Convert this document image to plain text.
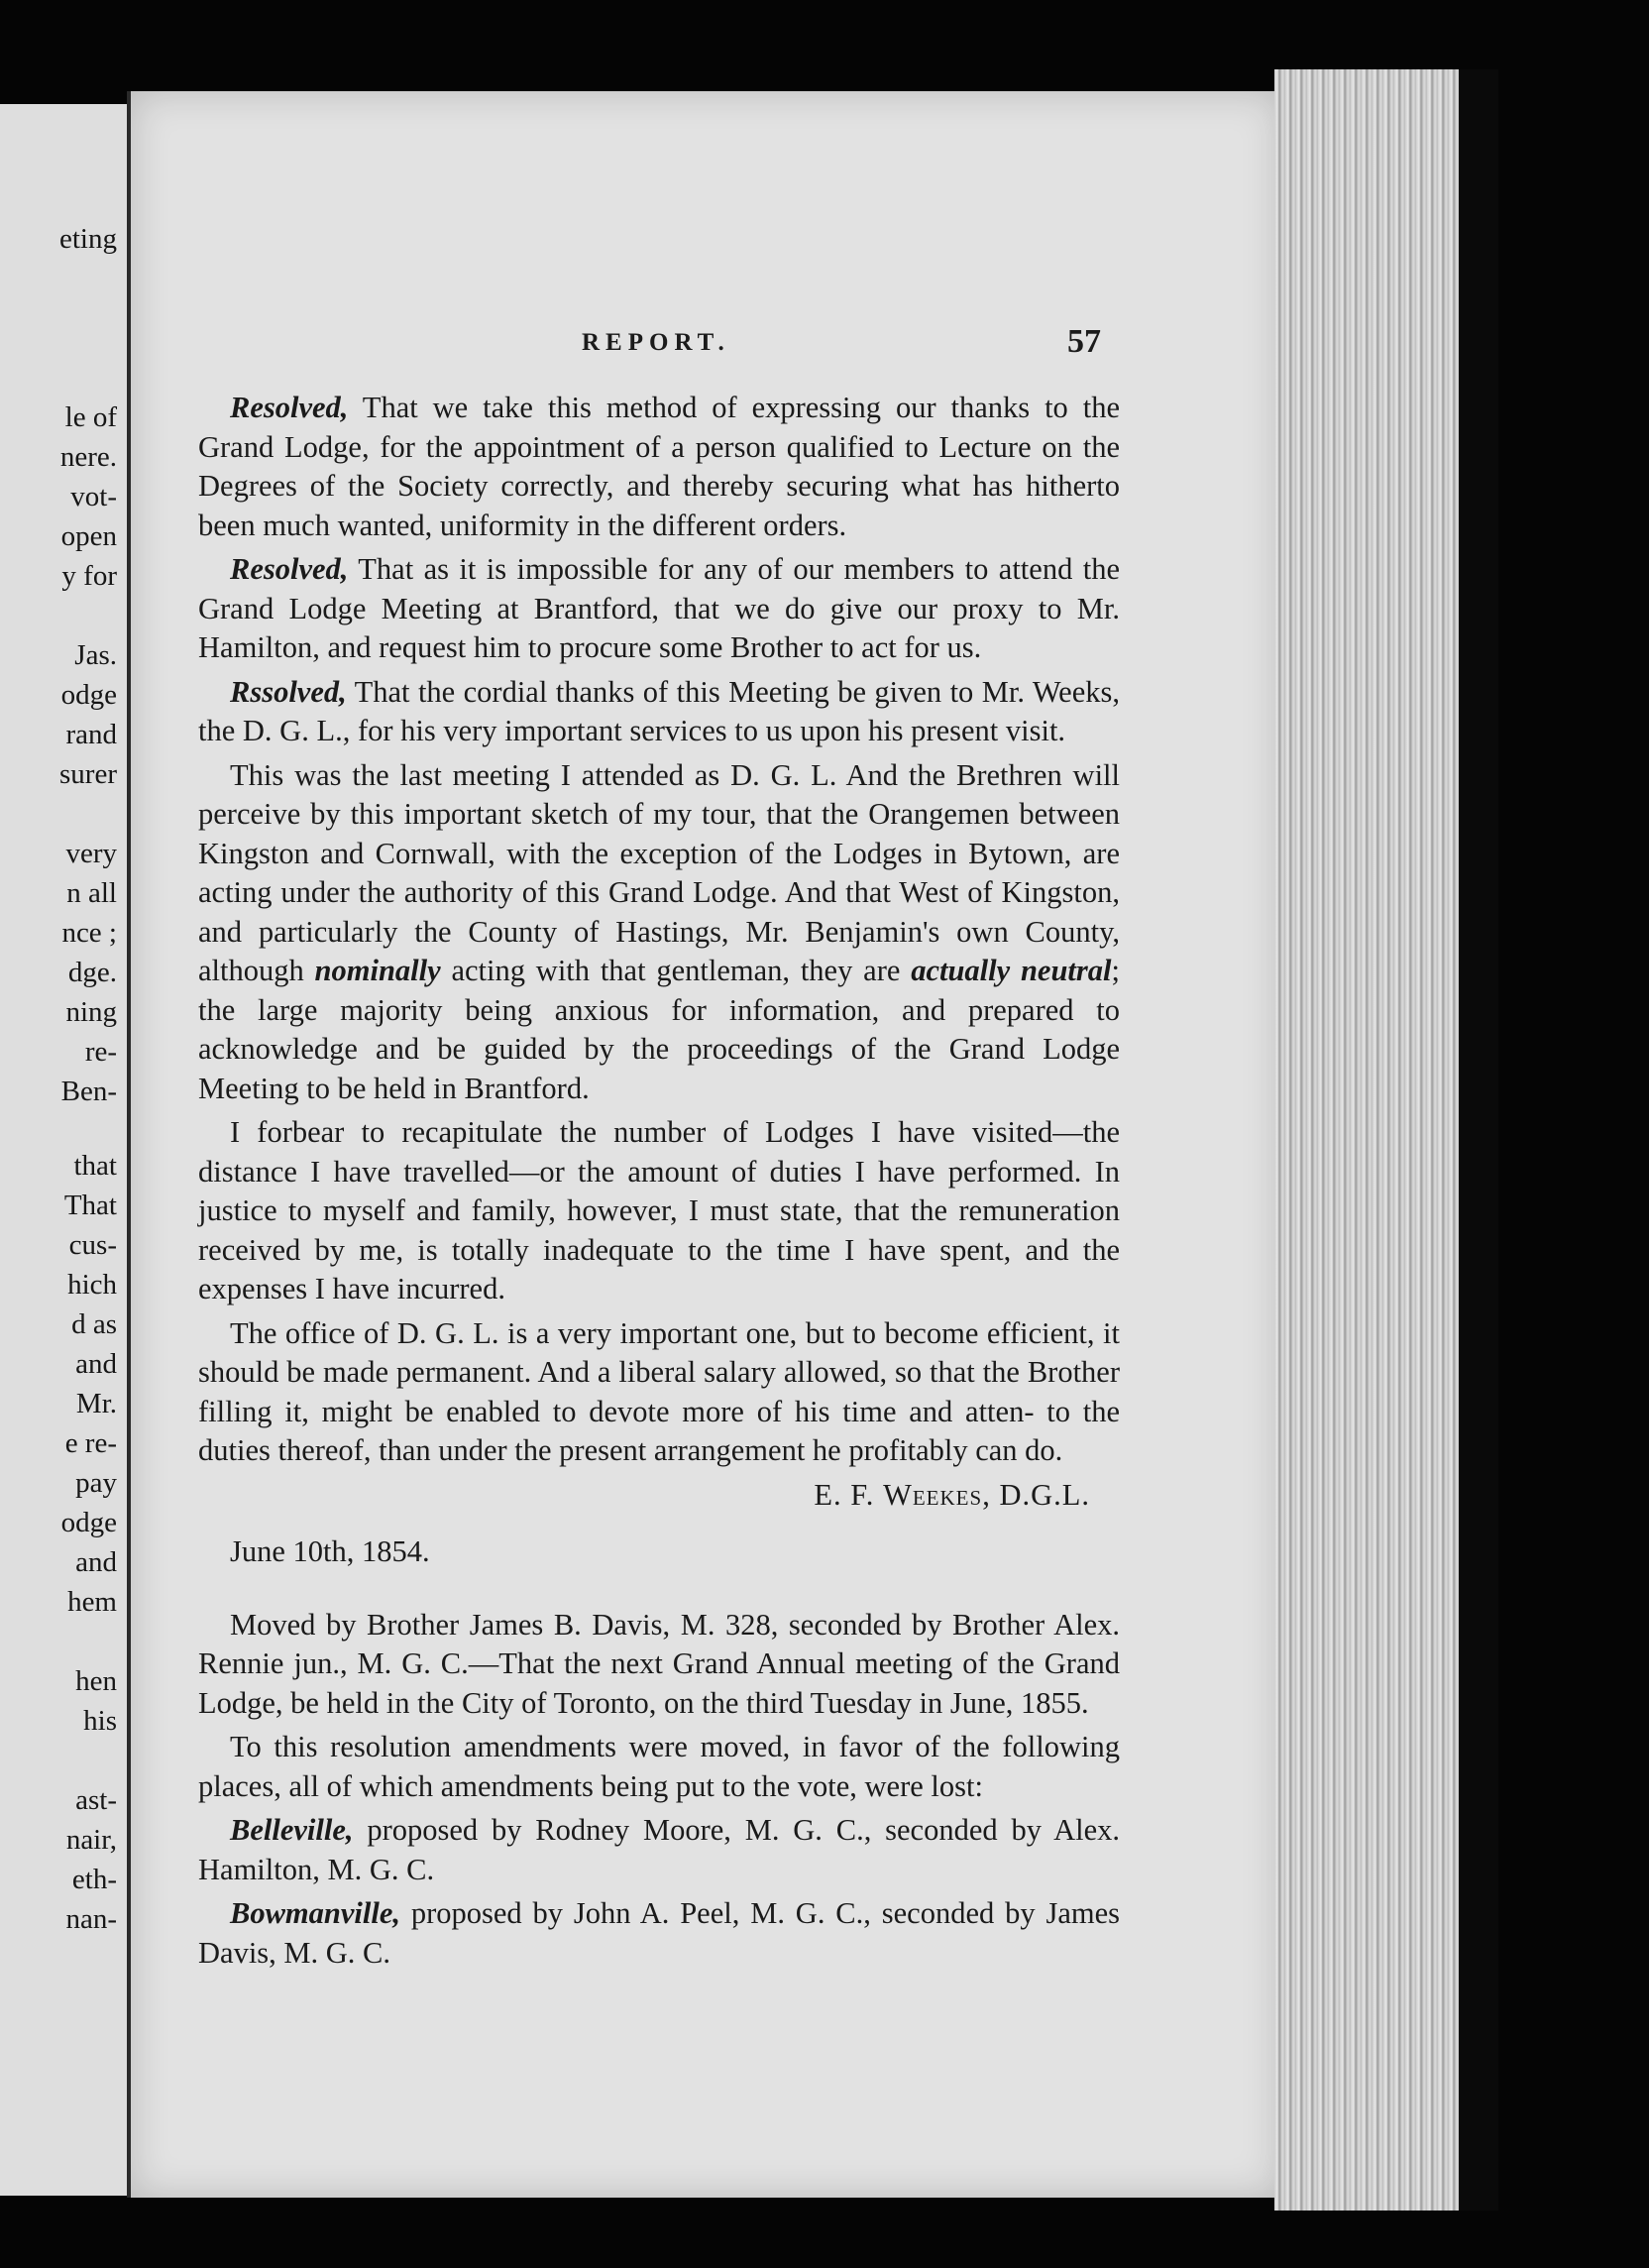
eting
le of
nere.
vot-
open
y for
Jas.
odge
rand
surer
very
n all
nce ;
dge.
ning
re-
Ben-
that
That
cus-
hich
d as
and
Mr.
e re-
pay
odge
and
hem
hen
his
ast-
nair,
eth-
nan-
REPORT.	57

Resolved, That we take this method of expressing our thanks to the Grand Lodge, for the appointment of a person qualified to Lecture on the Degrees of the Society correctly, and thereby securing what has hitherto been much wanted, uniformity in the different orders.

Resolved, That as it is impossible for any of our members to attend the Grand Lodge Meeting at Brantford, that we do give our proxy to Mr. Hamilton, and request him to procure some Brother to act for us.

Rssolved, That the cordial thanks of this Meeting be given to Mr. Weeks, the D. G. L., for his very important services to us upon his present visit.

This was the last meeting I attended as D. G. L. And the Brethren will perceive by this important sketch of my tour, that the Orangemen between Kingston and Cornwall, with the exception of the Lodges in Bytown, are acting under the authority of this Grand Lodge. And that West of Kingston, and particularly the County of Hastings, Mr. Benjamin's own County, although nominally acting with that gentleman, they are actually neutral; the large majority being anxious for information, and prepared to acknowledge and be guided by the proceedings of the Grand Lodge Meeting to be held in Brantford.

I forbear to recapitulate the number of Lodges I have visited—the distance I have travelled—or the amount of duties I have performed. In justice to myself and family, however, I must state, that the remuneration received by me, is totally inadequate to the time I have spent, and the expenses I have incurred.

The office of D. G. L. is a very important one, but to become efficient, it should be made permanent. And a liberal salary allowed, so that the Brother filling it, might be enabled to devote more of his time and atten- to the duties thereof, than under the present arrangement he profitably can do.

E. F. Weekes, D.G.L.

June 10th, 1854.

Moved by Brother James B. Davis, M. 328, seconded by Brother Alex. Rennie jun., M. G. C.—That the next Grand Annual meeting of the Grand Lodge, be held in the City of Toronto, on the third Tuesday in June, 1855.

To this resolution amendments were moved, in favor of the following places, all of which amendments being put to the vote, were lost:

Belleville, proposed by Rodney Moore, M. G. C., seconded by Alex. Hamilton, M. G. C.

Bowmanville, proposed by John A. Peel, M. G. C., seconded by James Davis, M. G. C.
